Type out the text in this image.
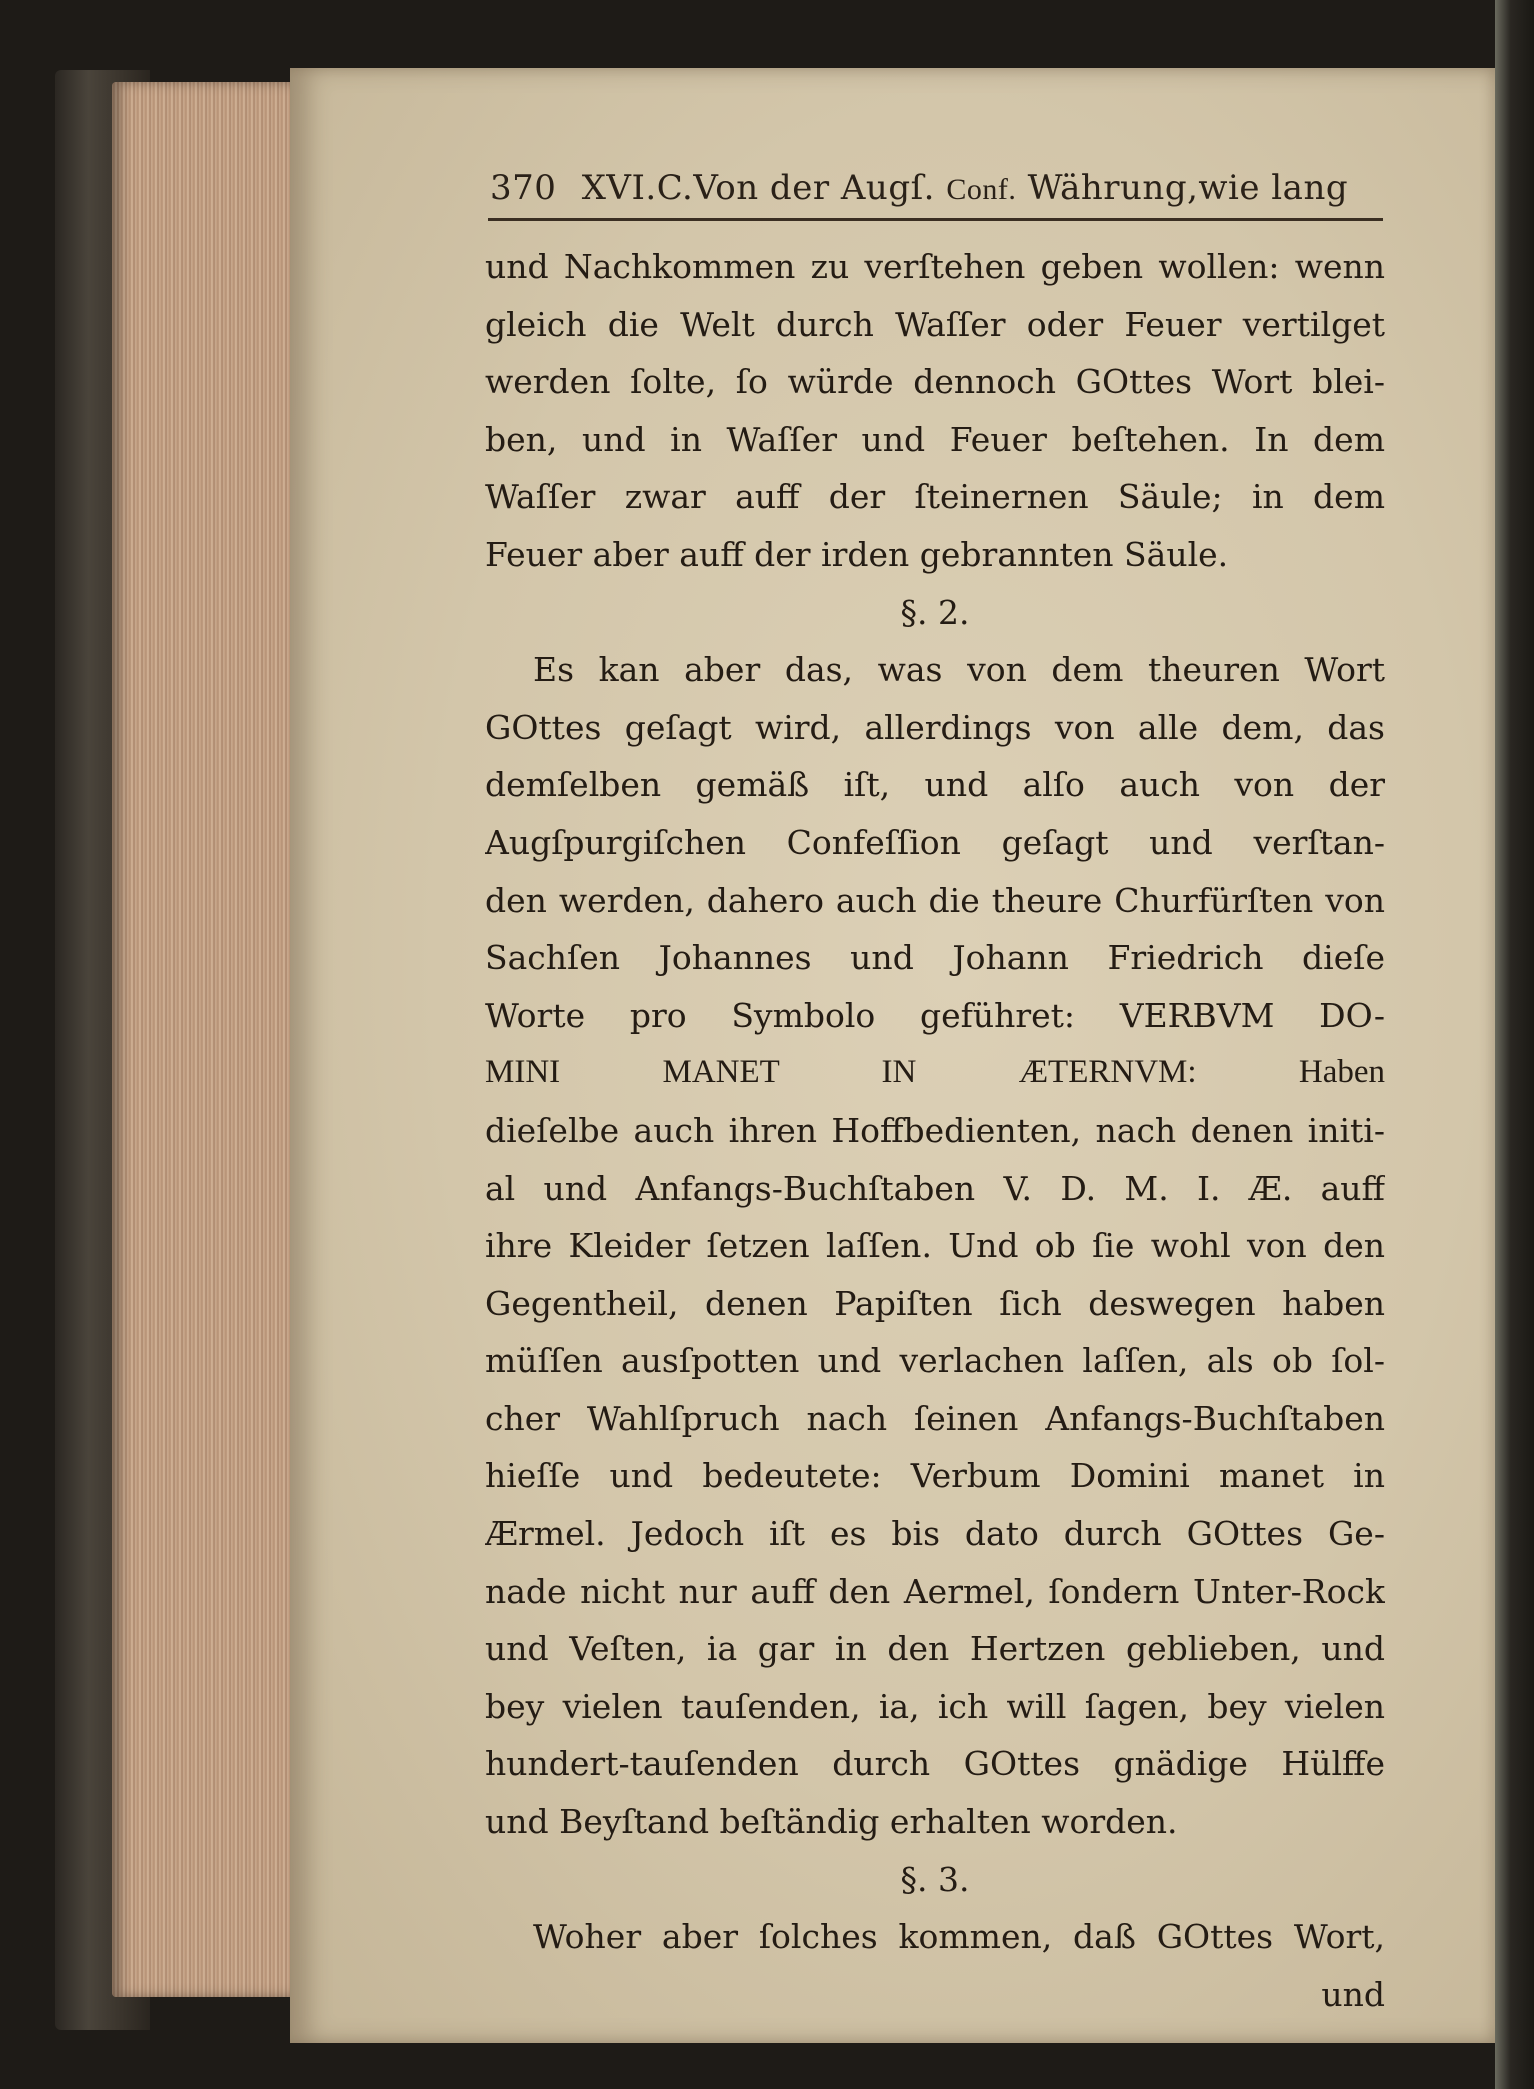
370 XVI.C.Von der Augſ. Conf. Währung,wie lang
und Nachkommen zu verſtehen geben wollen: wenn
gleich die Welt durch Waſſer oder Feuer vertilget
werden ſolte, ſo würde dennoch GOttes Wort blei-
ben, und in Waſſer und Feuer beſtehen. In dem
Waſſer zwar auff der ſteinernen Säule; in dem
Feuer aber auff der irden gebrannten Säule.
§. 2.
Es kan aber das, was von dem theuren Wort
GOttes geſagt wird, allerdings von alle dem, das
demſelben gemäß iſt, und alſo auch von der
Augſpurgiſchen Confeſſion geſagt und verſtan-
den werden, dahero auch die theure Churfürſten von
Sachſen Johannes und Johann Friedrich dieſe
Worte pro Symbolo geführet: VERBVM DO-
MINI MANET IN ÆTERNVM: Haben
dieſelbe auch ihren Hoffbedienten, nach denen initi-
al und Anfangs-Buchſtaben V. D. M. I. Æ. auff
ihre Kleider ſetzen laſſen. Und ob ſie wohl von den
Gegentheil, denen Papiſten ſich deswegen haben
müſſen ausſpotten und verlachen laſſen, als ob ſol-
cher Wahlſpruch nach ſeinen Anfangs-Buchſtaben
hieſſe und bedeutete: Verbum Domini manet in
Ærmel. Jedoch iſt es bis dato durch GOttes Ge-
nade nicht nur auff den Aermel, ſondern Unter-Rock
und Veſten, ia gar in den Hertzen geblieben, und
bey vielen tauſenden, ia, ich will ſagen, bey vielen
hundert-tauſenden durch GOttes gnädige Hülffe
und Beyſtand beſtändig erhalten worden.
§. 3.
Woher aber ſolches kommen, daß GOttes Wort,
und
